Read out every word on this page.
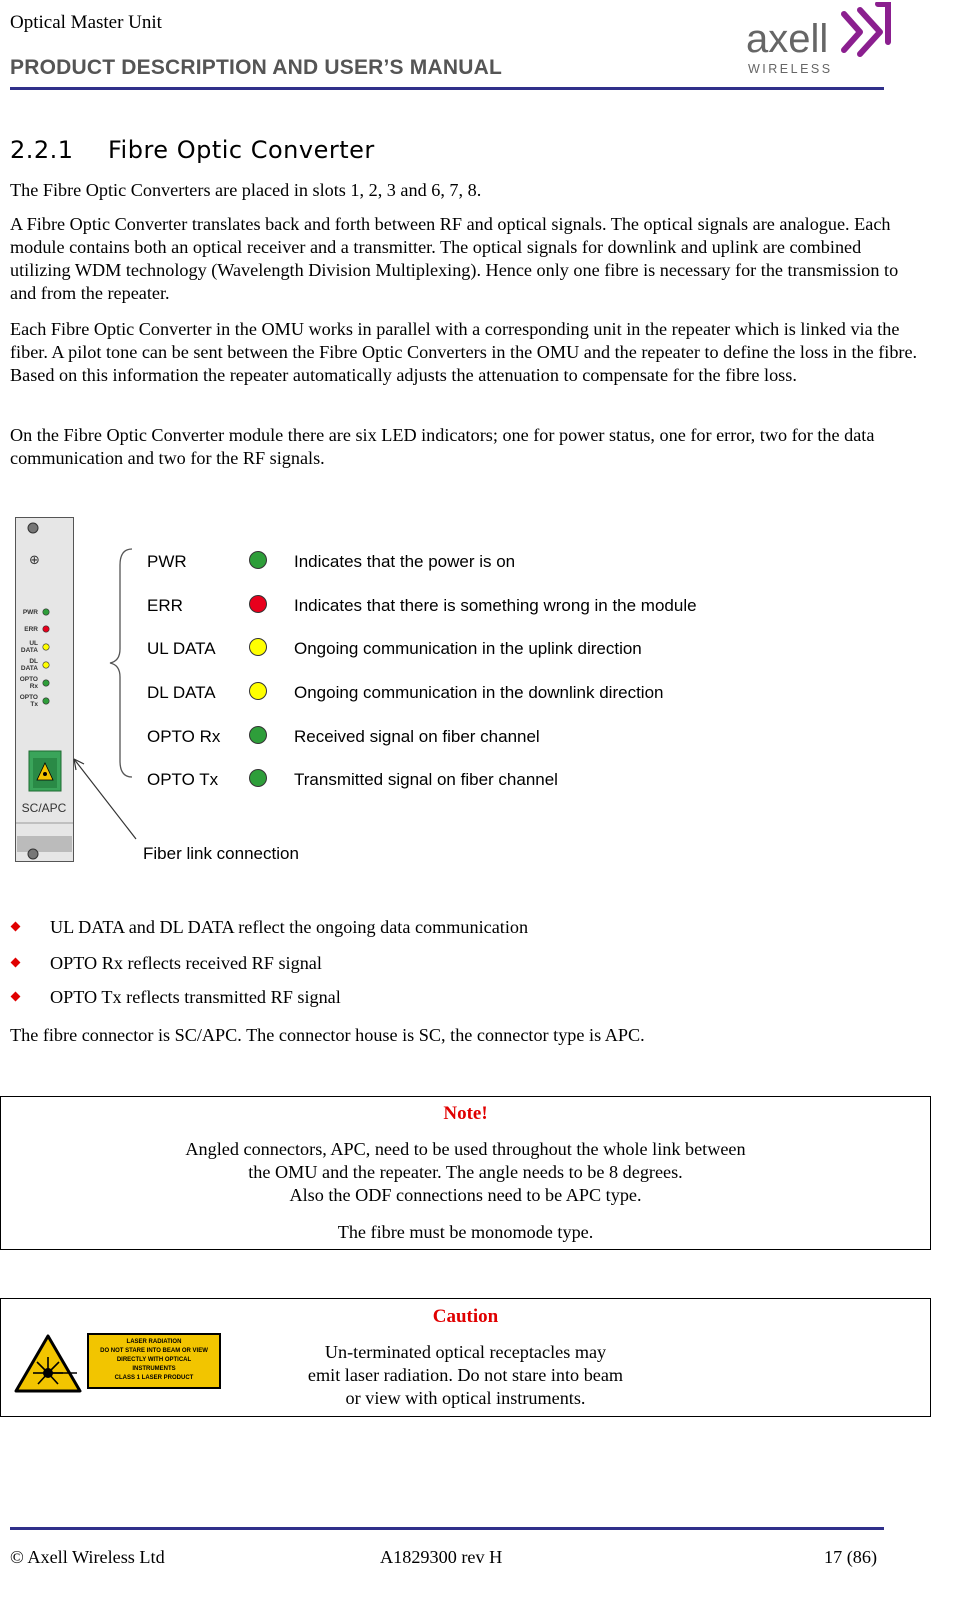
Optical Master Unit
PRODUCT DESCRIPTION AND USER’S MANUAL
axell
WIRELESS
2.2.1 Fibre Optic Converter

The Fibre Optic Converters are placed in slots 1, 2, 3 and 6, 7, 8.

A Fibre Optic Converter translates back and forth between RF and optical signals. The optical signals are analogue. Each module contains both an optical receiver and a transmitter. The optical signals for downlink and uplink are combined utilizing WDM technology (Wavelength Division Multiplexing). Hence only one fibre is necessary for the transmission to and from the repeater.

Each Fibre Optic Converter in the OMU works in parallel with a corresponding unit in the repeater which is linked via the fiber. A pilot tone can be sent between the Fibre Optic Converters in the OMU and the repeater to define the loss in the fibre. Based on this information the repeater automatically adjusts the attenuation to compensate for the fibre loss.

On the Fibre Optic Converter module there are six LED indicators; one for power status, one for error, two for the data communication and two for the RF signals.

⊕
PWR
ERR
UL
DATA
DL
DATA
OPTO
Rx
OPTO
Tx
SC/APC
Fiber link connection
PWR	Indicates that the power is on
ERR	Indicates that there is something wrong in the module
UL DATA	Ongoing communication in the uplink direction
DL DATA	Ongoing communication in the downlink direction
OPTO Rx	Received signal on fiber channel
OPTO Tx	Transmitted signal on fiber channel
UL DATA and DL DATA reflect the ongoing data communication
OPTO Rx reflects received RF signal
OPTO Tx reflects transmitted RF signal
The fibre connector is SC/APC. The connector house is SC, the connector type is APC.
Note!
Angled connectors, APC, need to be used throughout the whole link between
the OMU and the repeater. The angle needs to be 8 degrees.
Also the ODF connections need to be APC type.
The fibre must be monomode type.
LASER RADIATION
DO NOT STARE INTO BEAM OR VIEW
DIRECTLY WITH OPTICAL
INSTRUMENTS
CLASS 1 LASER PRODUCT
Caution
Un-terminated optical receptacles may
emit laser radiation. Do not stare into beam
or view with optical instruments.
© Axell Wireless Ltd	A1829300 rev H	17 (86)
